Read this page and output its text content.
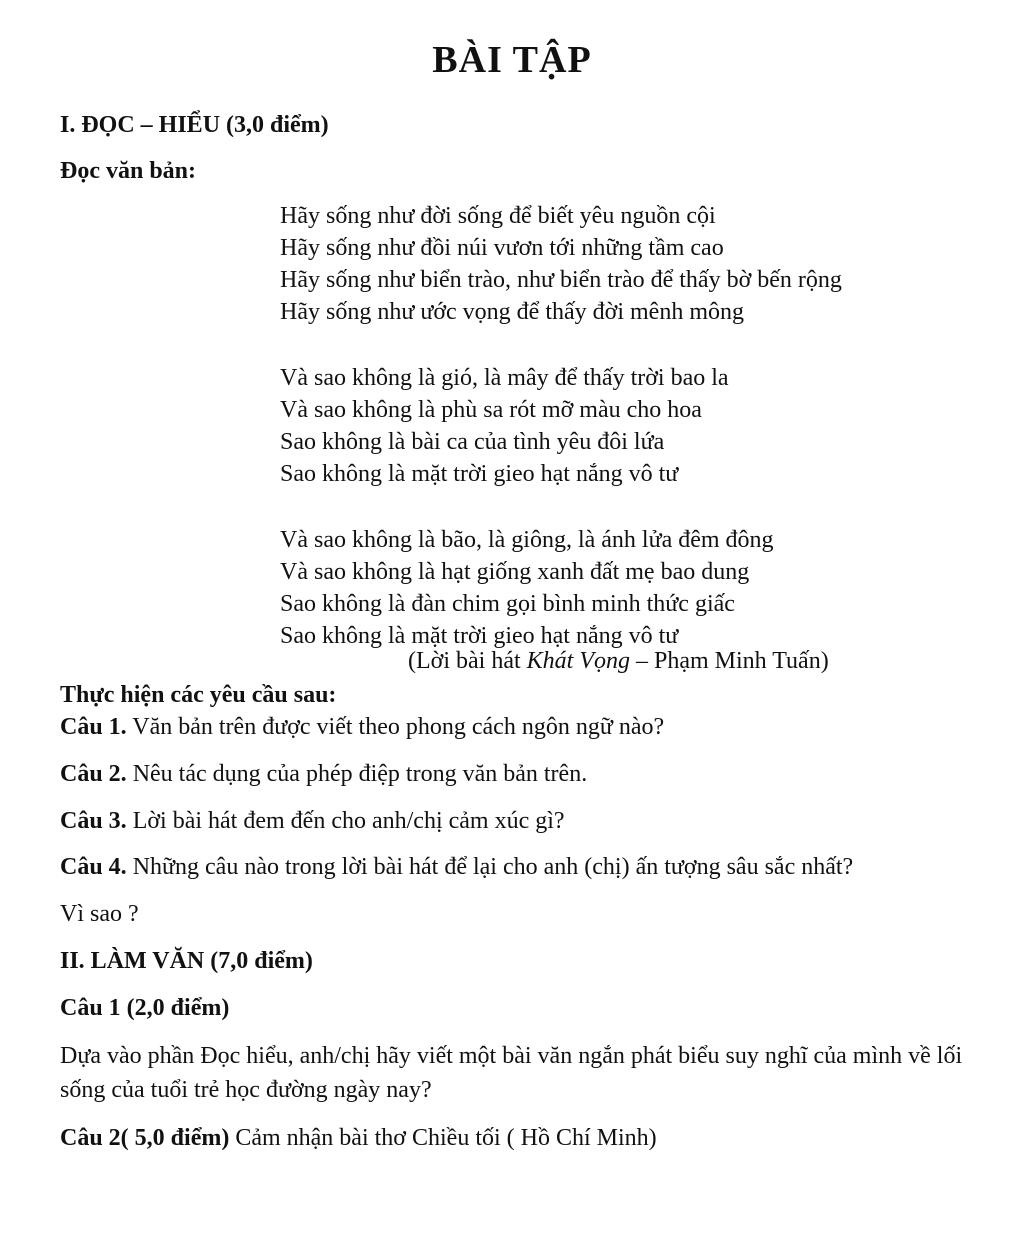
BÀI TẬP
I. ĐỌC – HIỂU (3,0 điểm)
Đọc văn bản:
Hãy sống như đời sống để biết yêu nguồn cội
Hãy sống như đồi núi vươn tới những tầm cao
Hãy sống như biển trào, như biển trào để thấy bờ bến rộng
Hãy sống như ước vọng để thấy đời mênh mông
Và sao không là gió, là mây để thấy trời bao la
Và sao không là phù sa rót mỡ màu cho hoa
Sao không là bài ca của tình yêu đôi lứa
Sao không là mặt trời gieo hạt nắng vô tư
Và sao không là bão, là giông, là ánh lửa đêm đông
Và sao không là hạt giống xanh đất mẹ bao dung
Sao không là đàn chim gọi bình minh thức giấc
Sao không là mặt trời gieo hạt nắng vô tư
(Lời bài hát Khát Vọng – Phạm Minh Tuấn)
Thực hiện các yêu cầu sau:
Câu 1. Văn bản trên được viết theo phong cách ngôn ngữ nào?
Câu 2. Nêu tác dụng của phép điệp trong văn bản trên.
Câu 3. Lời bài hát đem đến cho anh/chị cảm xúc gì?
Câu 4. Những câu nào trong lời bài hát để lại cho anh (chị) ấn tượng sâu sắc nhất?
Vì sao ?
II. LÀM VĂN (7,0 điểm)
Câu 1 (2,0 điểm)
Dựa vào phần Đọc hiểu, anh/chị hãy viết một bài văn ngắn phát biểu suy nghĩ của mình về lối sống của tuổi trẻ học đường ngày nay?
Câu 2( 5,0 điểm) Cảm nhận bài thơ Chiều tối ( Hồ Chí Minh)
